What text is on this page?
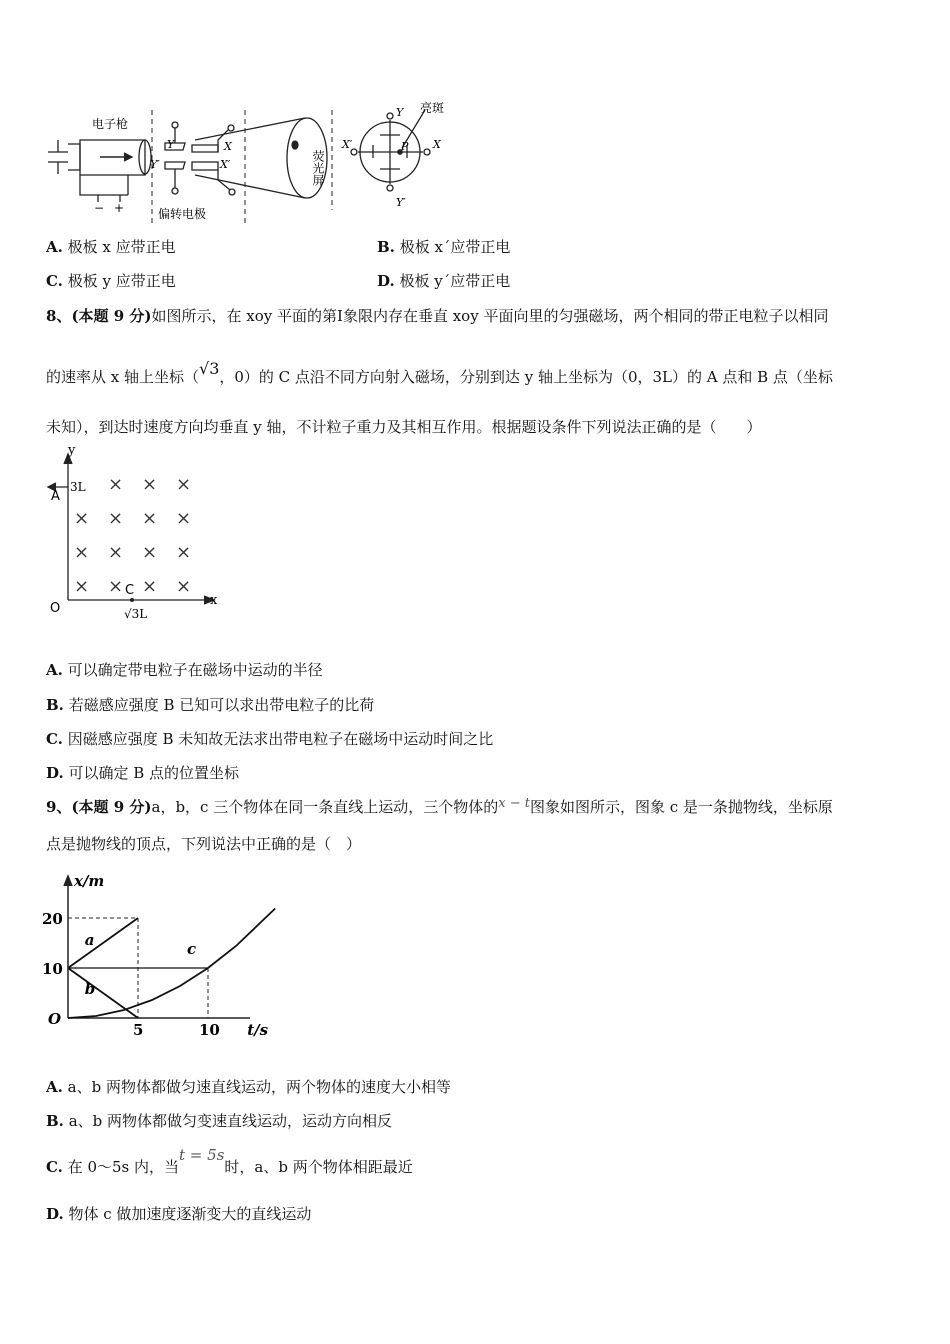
电子枪
偏转电极
荧光屏
亮斑
Y
Y′
X
X′
Y
Y′
X
X′	P
− +
A. 极板 x 应带正电	B. 极板 x´应带正电
C. 极板 y 应带正电	D. 极板 y´应带正电
8、(本题 9 分)如图所示，在 xoy 平面的第Ⅰ象限内存在垂直 xoy 平面向里的匀强磁场，两个相同的带正电粒子以相同
的速率从 x 轴上坐标（√3，0）的 C 点沿不同方向射入磁场，分别到达 y 轴上坐标为（0，3L）的 A 点和 B 点（坐标
未知），到达时速度方向均垂直 y 轴，不计粒子重力及其相互作用。根据题设条件下列说法正确的是（　　）
× × ×
× × × ×
× × × ×
× × × ×
y
x
O
A
3L
C
√3L
A. 可以确定带电粒子在磁场中运动的半径
B. 若磁感应强度 B 已知可以求出带电粒子的比荷
C. 因磁感应强度 B 未知故无法求出带电粒子在磁场中运动时间之比
D. 可以确定 B 点的位置坐标
9、(本题 9 分)a，b，c 三个物体在同一条直线上运动，三个物体的x − t图象如图所示，图象 c 是一条抛物线，坐标原
点是抛物线的顶点，下列说法中正确的是（　）
20
10
5	10
O
t/s
x/m
a
b
c
A. a、b 两物体都做匀速直线运动，两个物体的速度大小相等
B. a、b 两物体都做匀变速直线运动，运动方向相反
C. 在 0～5s 内，当t = 5s时，a、b 两个物体相距最近
D. 物体 c 做加速度逐渐变大的直线运动
